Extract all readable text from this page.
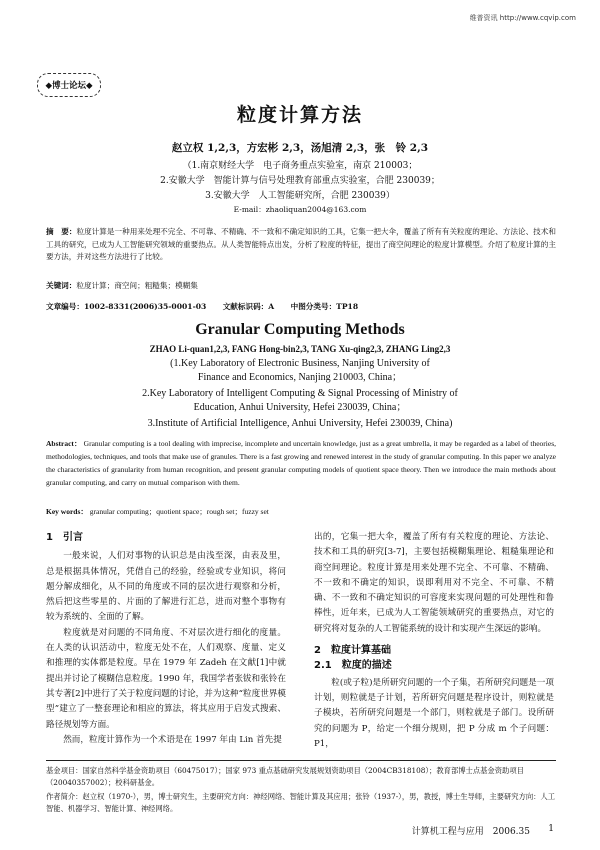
维普资讯 http://www.cqvip.com
◆博士论坛◆
粒度计算方法
赵立权 1,2,3，方宏彬 2,3，汤旭清 2,3，张　铃 2,3
（1.南京财经大学　电子商务重点实验室，南京 210003；
2.安徽大学　智能计算与信号处理教育部重点实验室，合肥 230039；
3.安徽大学　人工智能研究所，合肥 230039）
E-mail：zhaoliquan2004@163.com
摘　要：粒度计算是一种用来处理不完全、不可靠、不精确、不一致和不确定知识的工具，它集一把大伞，覆盖了所有有关粒度的理论、方法论、技术和工具的研究，已成为人工智能研究领域的重要热点。从人类智能特点出发，分析了粒度的特征，提出了商空间理论的粒度计算模型。介绍了粒度计算的主要方法，并对这些方法进行了比较。
关键词：粒度计算；商空间；粗糙集；模糊集
文章编号：1002-8331(2006)35-0001-03 文献标识码：A 中图分类号：TP18
Granular Computing Methods
ZHAO Li-quan1,2,3, FANG Hong-bin2,3, TANG Xu-qing2,3, ZHANG Ling2,3
(1.Key Laboratory of Electronic Business, Nanjing University of
Finance and Economics, Nanjing 210003, China；
2.Key Laboratory of Intelligent Computing & Signal Processing of Ministry of
Education, Anhui University, Hefei 230039, China；
3.Institute of Artificial Intelligence, Anhui University, Hefei 230039, China)
Abstract： Granular computing is a tool dealing with imprecise, incomplete and uncertain knowledge, just as a great umbrella, it may be regarded as a label of theories, methodologies, techniques, and tools that make use of granules. There is a fast growing and renewed interest in the study of granular computing. In this paper we analyze the characteristics of granularity from human recognition, and present granular computing models of quotient space theory. Then we introduce the main methods about granular computing, and carry on mutual comparison with them.
Key words： granular computing；quotient space；rough set；fuzzy set
1　引言

一般来说，人们对事物的认识总是由浅至深，由表及里，总是根据具体情况，凭借自己的经验，经验或专业知识，将问题分解成细化，从不同的角度或不同的层次进行观察和分析，然后把这些零星的、片面的了解进行汇总，进而对整个事物有较为系统的、全面的了解。

粒度就是对问题的不同角度、不对层次进行细化的度量。在人类的认识活动中，粒度无处不在，人们观察、度量、定义和推理的实体都是粒度。早在 1979 年 Zadeh 在文献[1]中就提出并讨论了模糊信息粒度。1990 年，我国学者张钹和张铃在其专著[2]中进行了关于粒度问题的讨论，并为这种“粒度世界模型”建立了一整套理论和相应的算法，将其应用于启发式搜索、路径规划等方面。

然而，粒度计算作为一个术语是在 1997 年由 Lin 首先提

出的，它集一把大伞，覆盖了所有有关粒度的理论、方法论、技术和工具的研究[3-7]，主要包括模糊集理论、粗糙集理论和商空间理论。粒度计算是用来处理不完全、不可靠、不精确、不一致和不确定的知识，误即利用对不完全、不可靠、不精确、不一致和不确定知识的可容度来实现问题的可处理性和鲁棒性，近年来，已成为人工智能领域研究的重要热点，对它的研究将对复杂的人工智能系统的设计和实现产生深远的影响。

2　粒度计算基础
2.1　粒度的描述

粒(或子粒)是所研究问题的一个子集，若所研究问题是一项计划，则粒就是子计划，若所研究问题是程序设计，则粒就是子模块，若所研究问题是一个部门，则粒就是子部门。设所研究的问题为 P，给定一个细分规则，把 P 分成 m 个子问题：P1，

基金项目：国家自然科学基金资助项目（60475017）；国家 973 重点基础研究发展规划资助项目（2004CB318108）；教育部博士点基金资助项目（20040357002）；校科研基金。
作者简介：赵立权（1970-），男，博士研究生，主要研究方向：神经网络、智能计算及其应用；张铃（1937-），男，教授，博士生导师，主要研究方向：人工智能、机器学习、智能计算、神经网络。
计算机工程与应用　2006.35 1
